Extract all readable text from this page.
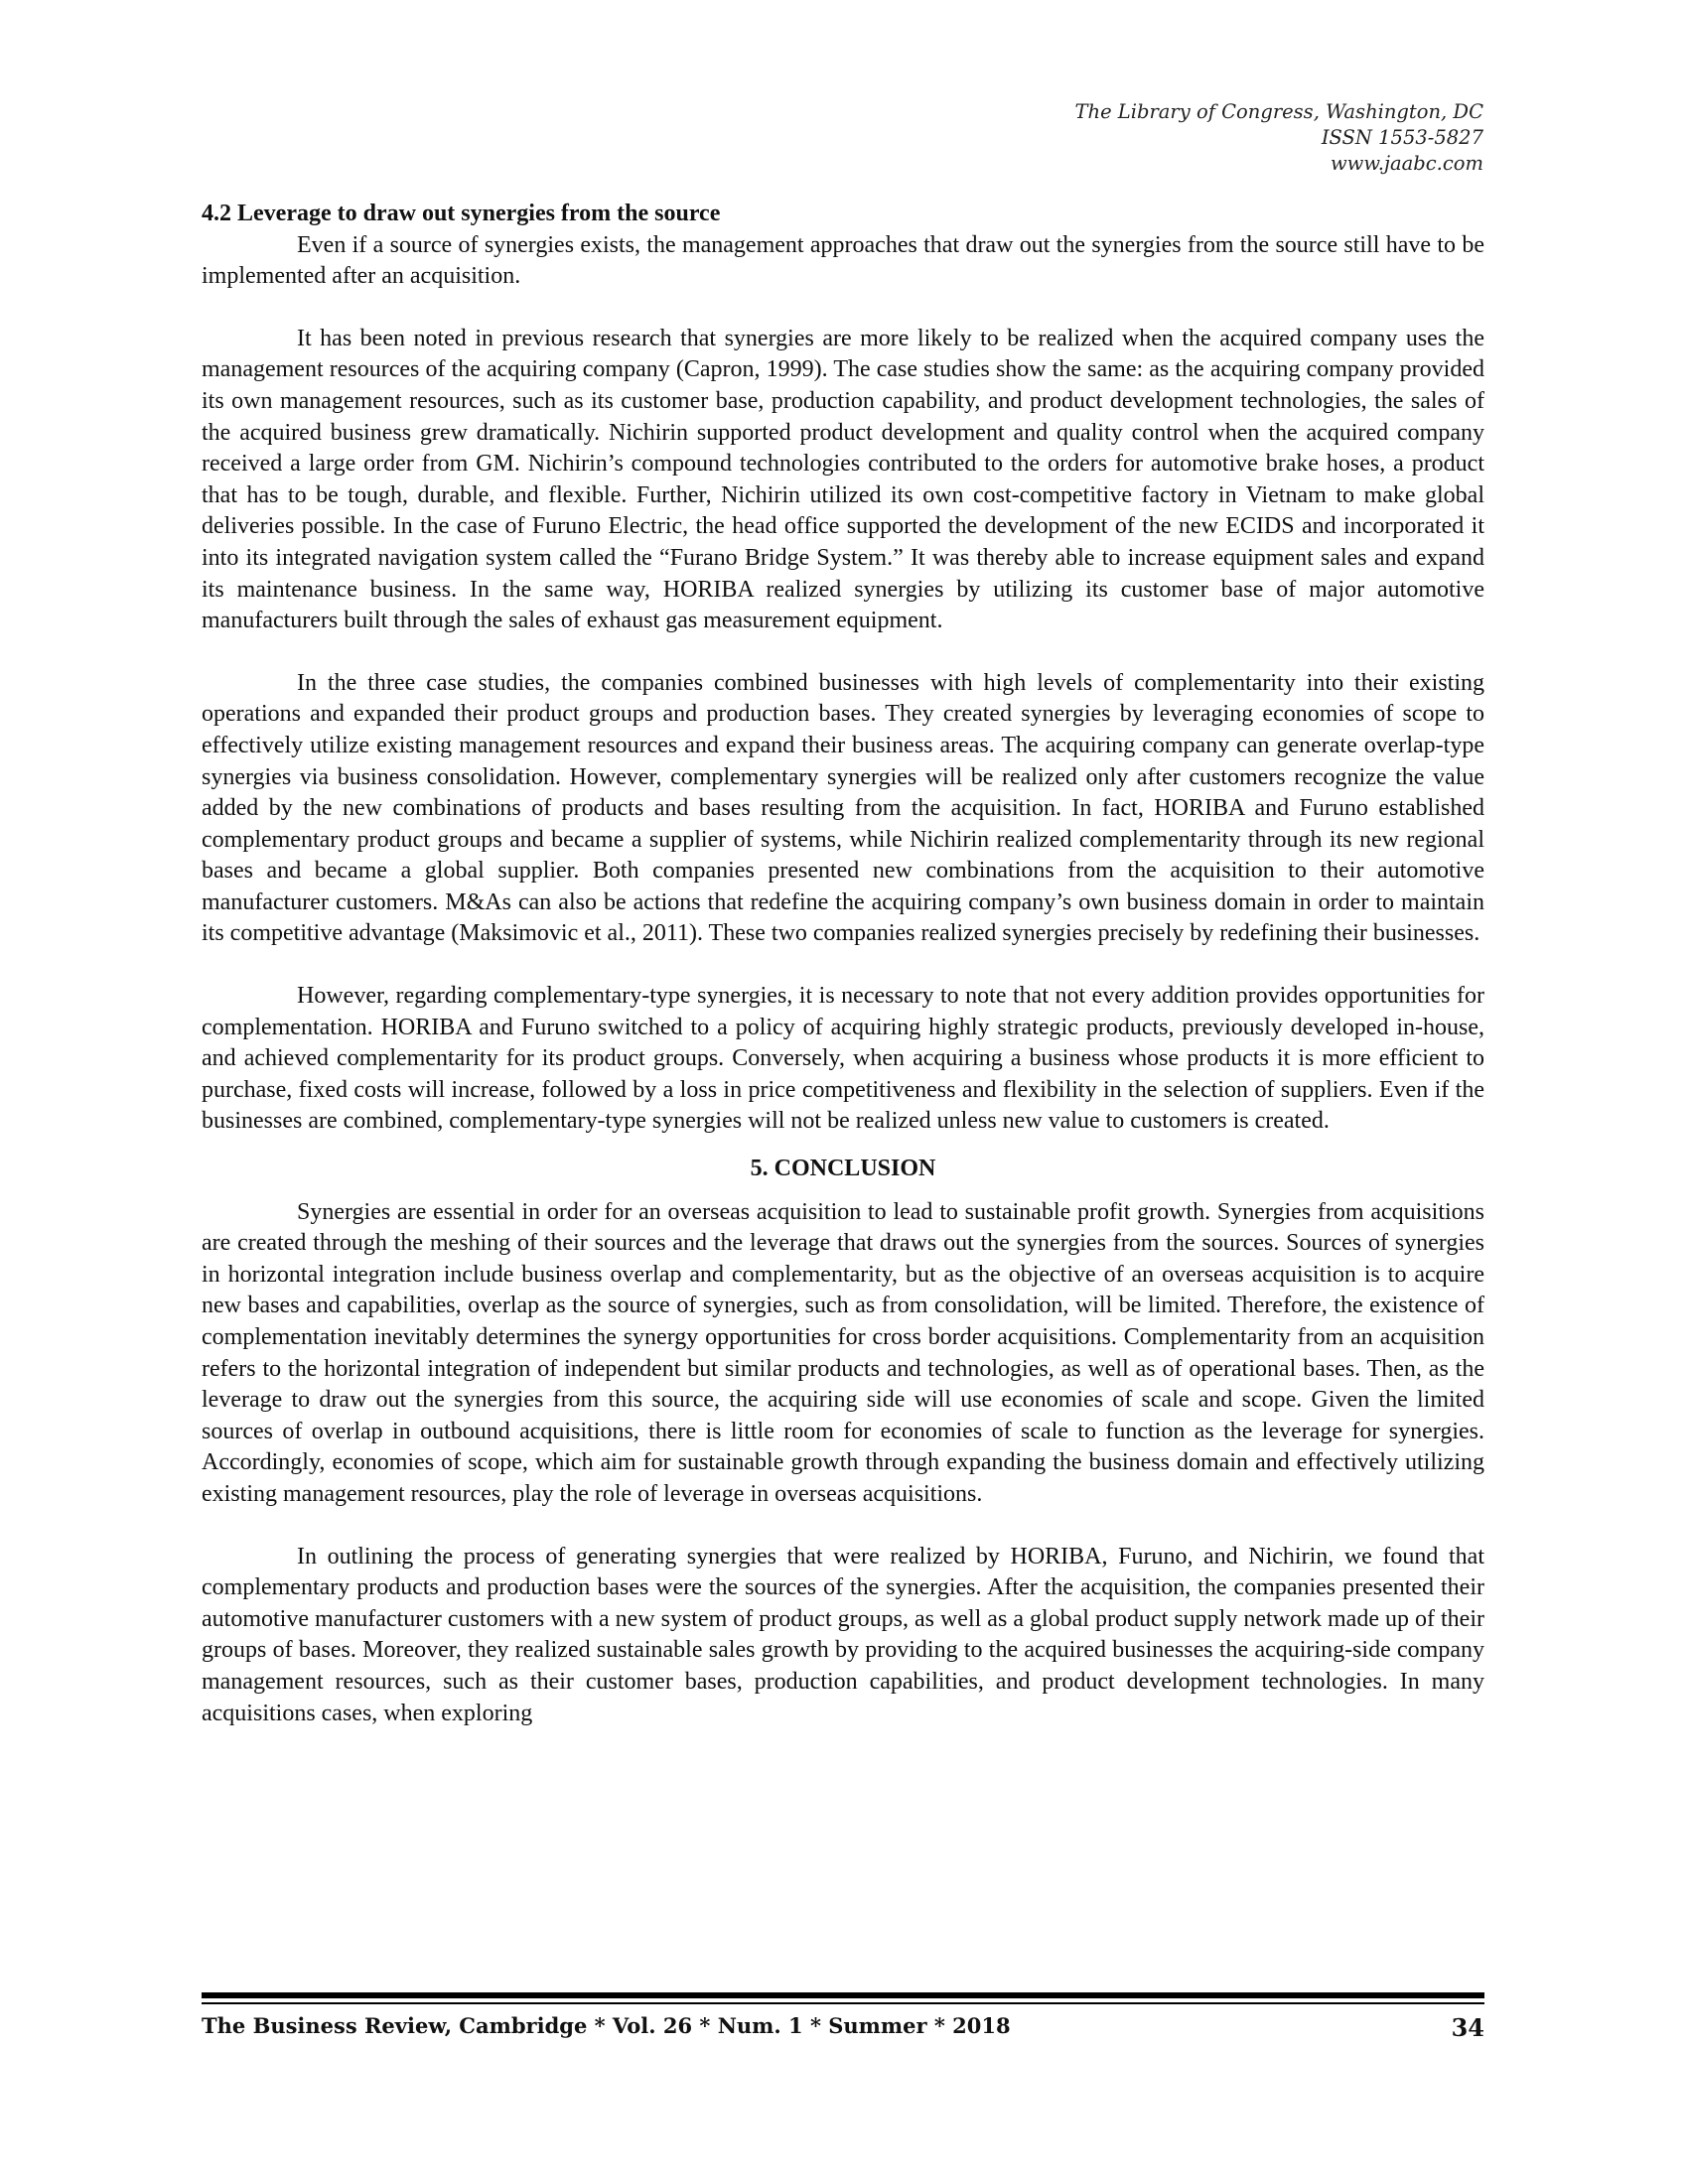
The Library of Congress, Washington, DC
ISSN 1553-5827
www.jaabc.com
4.2 Leverage to draw out synergies from the source

Even if a source of synergies exists, the management approaches that draw out the synergies from the source still have to be implemented after an acquisition.

It has been noted in previous research that synergies are more likely to be realized when the acquired company uses the management resources of the acquiring company (Capron, 1999). The case studies show the same: as the acquiring company provided its own management resources, such as its customer base, production capability, and product development technologies, the sales of the acquired business grew dramatically. Nichirin supported product development and quality control when the acquired company received a large order from GM. Nichirin’s compound technologies contributed to the orders for automotive brake hoses, a product that has to be tough, durable, and flexible. Further, Nichirin utilized its own cost-competitive factory in Vietnam to make global deliveries possible. In the case of Furuno Electric, the head office supported the development of the new ECIDS and incorporated it into its integrated navigation system called the “Furano Bridge System.” It was thereby able to increase equipment sales and expand its maintenance business. In the same way, HORIBA realized synergies by utilizing its customer base of major automotive manufacturers built through the sales of exhaust gas measurement equipment.

In the three case studies, the companies combined businesses with high levels of complementarity into their existing operations and expanded their product groups and production bases. They created synergies by leveraging economies of scope to effectively utilize existing management resources and expand their business areas. The acquiring company can generate overlap-type synergies via business consolidation. However, complementary synergies will be realized only after customers recognize the value added by the new combinations of products and bases resulting from the acquisition. In fact, HORIBA and Furuno established complementary product groups and became a supplier of systems, while Nichirin realized complementarity through its new regional bases and became a global supplier. Both companies presented new combinations from the acquisition to their automotive manufacturer customers. M&As can also be actions that redefine the acquiring company’s own business domain in order to maintain its competitive advantage (Maksimovic et al., 2011). These two companies realized synergies precisely by redefining their businesses.

However, regarding complementary-type synergies, it is necessary to note that not every addition provides opportunities for complementation. HORIBA and Furuno switched to a policy of acquiring highly strategic products, previously developed in-house, and achieved complementarity for its product groups. Conversely, when acquiring a business whose products it is more efficient to purchase, fixed costs will increase, followed by a loss in price competitiveness and flexibility in the selection of suppliers. Even if the businesses are combined, complementary-type synergies will not be realized unless new value to customers is created.

5. CONCLUSION

Synergies are essential in order for an overseas acquisition to lead to sustainable profit growth. Synergies from acquisitions are created through the meshing of their sources and the leverage that draws out the synergies from the sources. Sources of synergies in horizontal integration include business overlap and complementarity, but as the objective of an overseas acquisition is to acquire new bases and capabilities, overlap as the source of synergies, such as from consolidation, will be limited. Therefore, the existence of complementation inevitably determines the synergy opportunities for cross border acquisitions. Complementarity from an acquisition refers to the horizontal integration of independent but similar products and technologies, as well as of operational bases. Then, as the leverage to draw out the synergies from this source, the acquiring side will use economies of scale and scope. Given the limited sources of overlap in outbound acquisitions, there is little room for economies of scale to function as the leverage for synergies. Accordingly, economies of scope, which aim for sustainable growth through expanding the business domain and effectively utilizing existing management resources, play the role of leverage in overseas acquisitions.

In outlining the process of generating synergies that were realized by HORIBA, Furuno, and Nichirin, we found that complementary products and production bases were the sources of the synergies. After the acquisition, the companies presented their automotive manufacturer customers with a new system of product groups, as well as a global product supply network made up of their groups of bases. Moreover, they realized sustainable sales growth by providing to the acquired businesses the acquiring-side company management resources, such as their customer bases, production capabilities, and product development technologies. In many acquisitions cases, when exploring

The Business Review, Cambridge * Vol. 26 * Num. 1 * Summer * 2018	34
